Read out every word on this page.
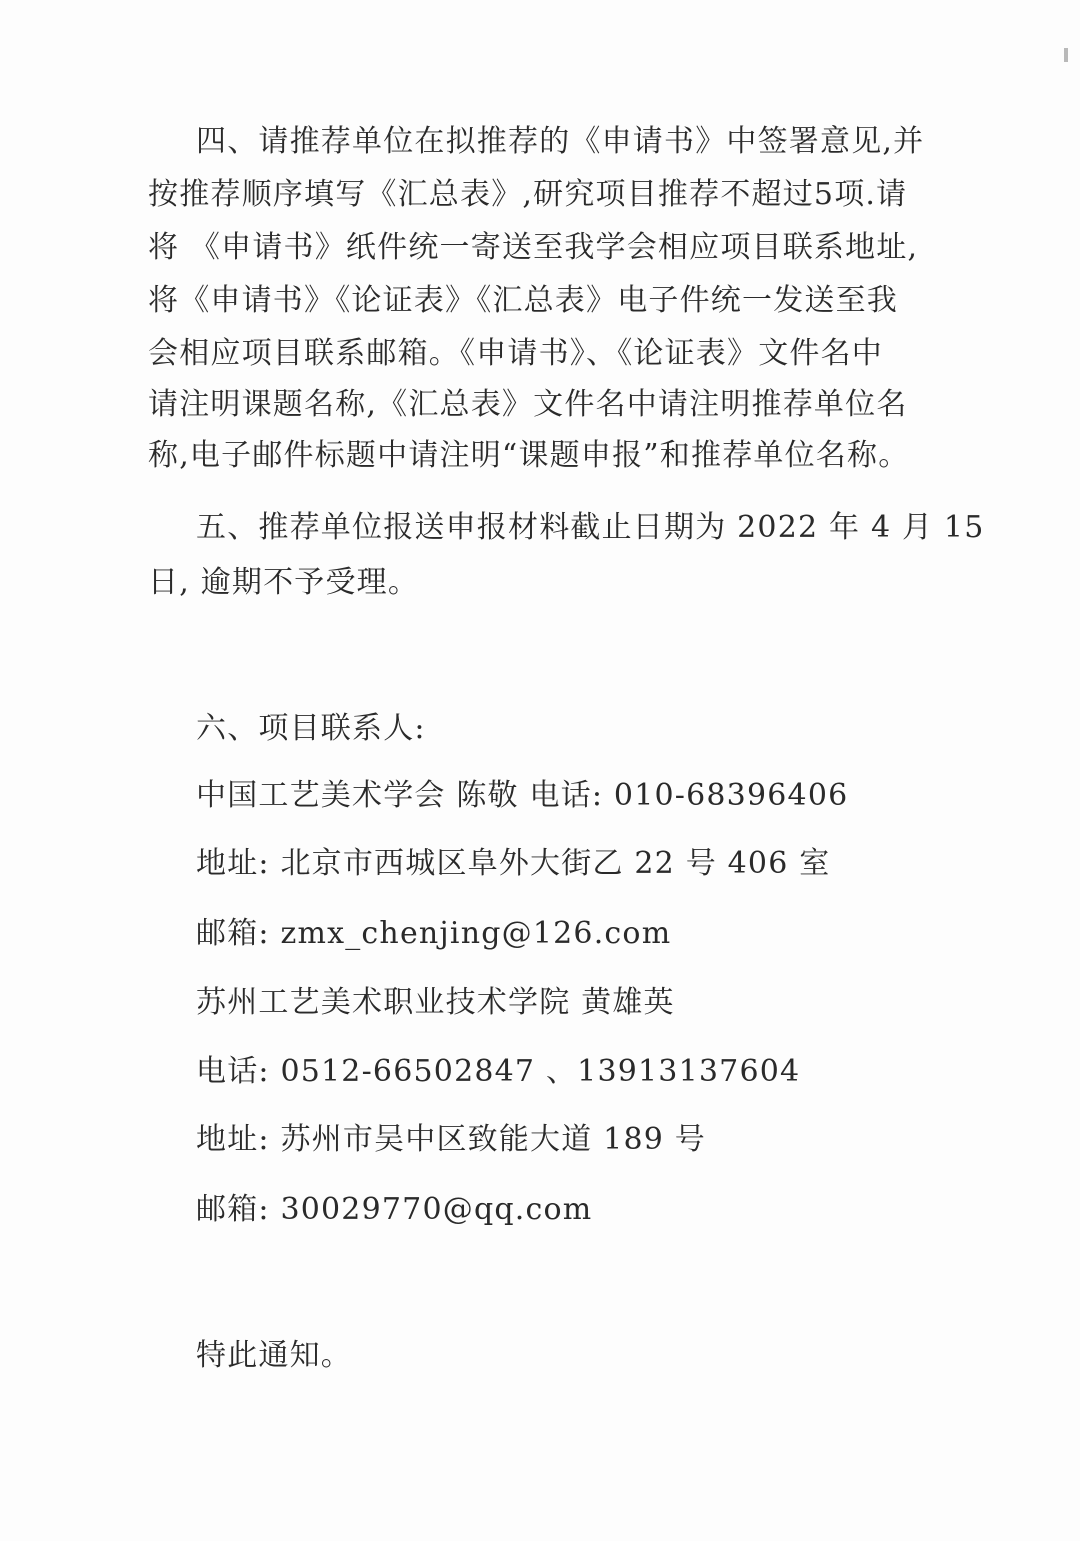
四、请推荐单位在拟推荐的《申请书》中签署意见,并
按推荐顺序填写《汇总表》,研究项目推荐不超过5项.请
将 《申请书》纸件统一寄送至我学会相应项目联系地址,
将《申请书》《论证表》《汇总表》电子件统一发送至我
会相应项目联系邮箱。《申请书》、《论证表》文件名中
请注明课题名称,《汇总表》文件名中请注明推荐单位名
称,电子邮件标题中请注明“课题申报”和推荐单位名称。
五、推荐单位报送申报材料截止日期为 2022 年 4 月 15
日, 逾期不予受理。
六、项目联系人:
中国工艺美术学会 陈敬 电话: 010-68396406
地址: 北京市西城区阜外大街乙 22 号 406 室
邮箱: zmx_chenjing@126.com
苏州工艺美术职业技术学院 黄雄英
电话: 0512-66502847 、13913137604
地址: 苏州市吴中区致能大道 189 号
邮箱: 30029770@qq.com
特此通知。
